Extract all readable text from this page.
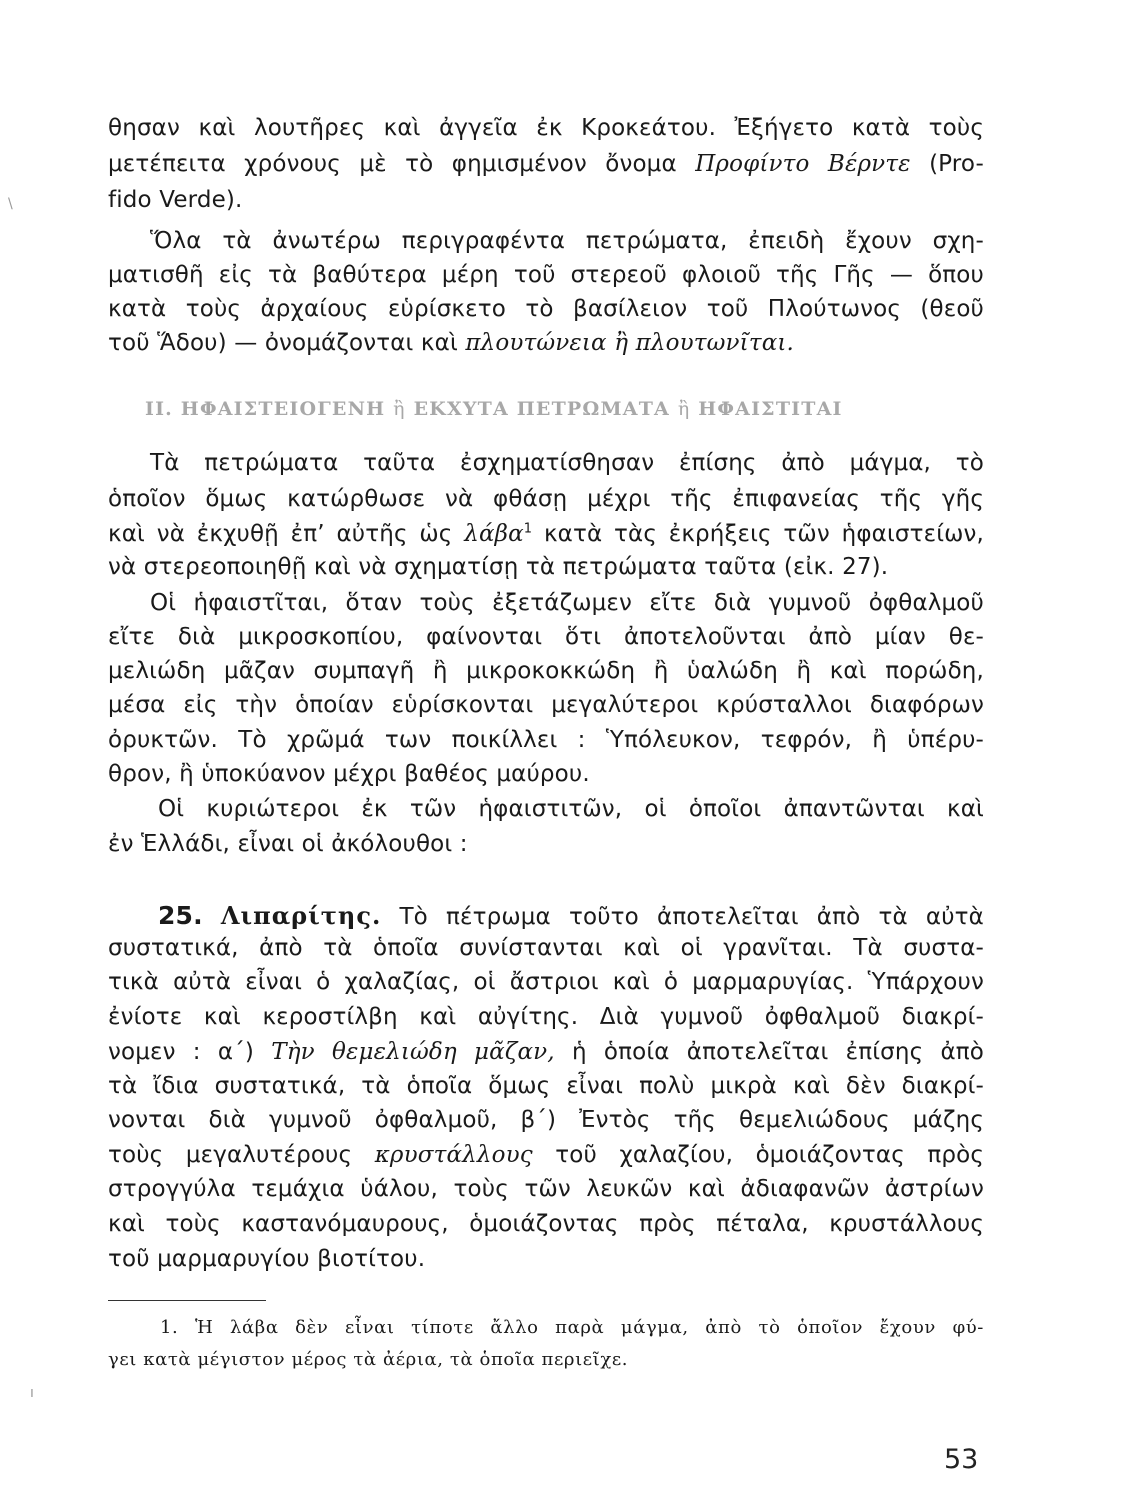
θησαν καὶ λουτῆρες καὶ ἀγγεῖα ἐκ Κροκεάτου. Ἐξήγετο κατὰ τοὺς
μετέπειτα χρόνους μὲ τὸ φημισμένον ὄνομα Προφίντο Βέρντε (Pro-
fido Verde).
Ὅλα τὰ ἀνωτέρω περιγραφέντα πετρώματα, ἐπειδὴ ἔχουν σχη-
ματισθῆ εἰς τὰ βαθύτερα μέρη τοῦ στερεοῦ φλοιοῦ τῆς Γῆς — ὅπου
κατὰ τοὺς ἀρχαίους εὑρίσκετο τὸ βασίλειον τοῦ Πλούτωνος (θεοῦ
τοῦ Ἅδου) — ὀνομάζονται καὶ πλουτώνεια ἢ πλουτωνῖται.
ΙΙ. ΗΦΑΙΣΤΕΙΟΓΕΝΗ ἢ ΕΚΧΥΤΑ ΠΕΤΡΩΜΑΤΑ ἢ ΗΦΑΙΣΤΙΤΑΙ
Τὰ πετρώματα ταῦτα ἐσχηματίσθησαν ἐπίσης ἀπὸ μάγμα, τὸ
ὁποῖον ὅμως κατώρθωσε νὰ φθάσῃ μέχρι τῆς ἐπιφανείας τῆς γῆς
καὶ νὰ ἐκχυθῇ ἐπ’ αὐτῆς ὡς λάβα$^1$ κατὰ τὰς ἐκρήξεις τῶν ἡφαιστείων,
νὰ στερεοποιηθῇ καὶ νὰ σχηματίσῃ τὰ πετρώματα ταῦτα (εἰκ. 27).
Οἱ ἡφαιστῖται, ὅταν τοὺς ἐξετάζωμεν εἴτε διὰ γυμνοῦ ὀφθαλμοῦ
εἴτε διὰ μικροσκοπίου, φαίνονται ὅτι ἀποτελοῦνται ἀπὸ μίαν θε-
μελιώδη μᾶζαν συμπαγῆ ἢ μικροκοκκώδη ἢ ὑαλώδη ἢ καὶ πορώδη,
μέσα εἰς τὴν ὁποίαν εὑρίσκονται μεγαλύτεροι κρύσταλλοι διαφόρων
ὀρυκτῶν. Τὸ χρῶμά των ποικίλλει : Ὑπόλευκον, τεφρόν, ἢ ὑπέρυ-
θρον, ἢ ὑποκύανον μέχρι βαθέος μαύρου.
Οἱ κυριώτεροι ἐκ τῶν ἡφαιστιτῶν, οἱ ὁποῖοι ἀπαντῶνται καὶ
ἐν Ἑλλάδι, εἶναι οἱ ἀκόλουθοι :
25. Λιπαρίτης. Τὸ πέτρωμα τοῦτο ἀποτελεῖται ἀπὸ τὰ αὐτὰ
συστατικά, ἀπὸ τὰ ὁποῖα συνίστανται καὶ οἱ γρανῖται. Τὰ συστα-
τικὰ αὐτὰ εἶναι ὁ χαλαζίας, οἱ ἄστριοι καὶ ὁ μαρμαρυγίας. Ὑπάρχουν
ἐνίοτε καὶ κεροστίλβη καὶ αὐγίτης. Διὰ γυμνοῦ ὀφθαλμοῦ διακρί-
νομεν : α΄) Τὴν θεμελιώδη μᾶζαν, ἡ ὁποία ἀποτελεῖται ἐπίσης ἀπὸ
τὰ ἴδια συστατικά, τὰ ὁποῖα ὅμως εἶναι πολὺ μικρὰ καὶ δὲν διακρί-
νονται διὰ γυμνοῦ ὀφθαλμοῦ, β΄) Ἐντὸς τῆς θεμελιώδους μάζης
τοὺς μεγαλυτέρους κρυστάλλους τοῦ χαλαζίου, ὁμοιάζοντας πρὸς
στρογγύλα τεμάχια ὑάλου, τοὺς τῶν λευκῶν καὶ ἀδιαφανῶν ἀστρίων
καὶ τοὺς καστανόμαυρους, ὁμοιάζοντας πρὸς πέταλα, κρυστάλλους
τοῦ μαρμαρυγίου βιοτίτου.
1. Ἡ λάβα δὲν εἶναι τίποτε ἄλλο παρὰ μάγμα, ἀπὸ τὸ ὁποῖον ἔχουν φύ-
γει κατὰ μέγιστον μέρος τὰ ἀέρια, τὰ ὁποῖα περιεῖχε.
53
\
ı
